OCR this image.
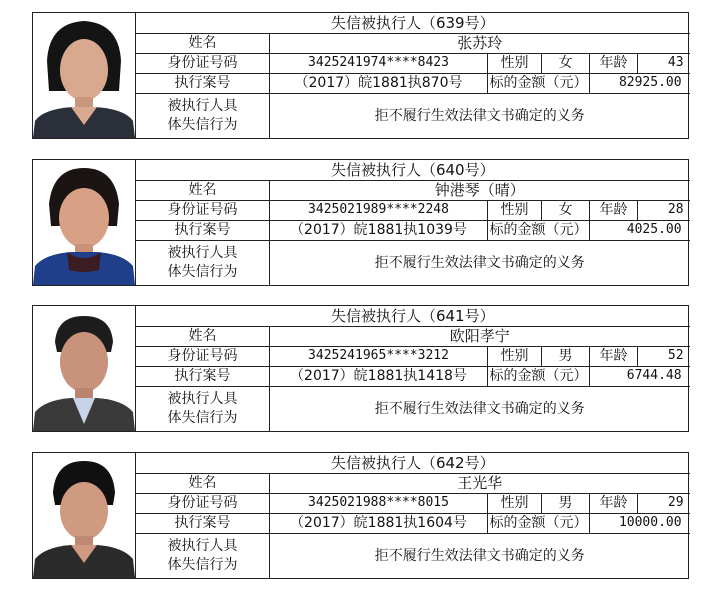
失信被执行人（639号）					
姓名	张苏玲				
身份证号码	3425241974****8423	性别	女	年龄	43
执行案号	（2017）皖1881执870号	标的金额（元）		82925.00	
被执行人具
体失信行为	拒不履行生效法律文书确定的义务				
失信被执行人（640号）					
姓名	钟港琴（晴）				
身份证号码	3425021989****2248	性别	女	年龄	28
执行案号	（2017）皖1881执1039号	标的金额（元）		4025.00	
被执行人具
体失信行为	拒不履行生效法律文书确定的义务				
失信被执行人（641号）					
姓名	欧阳孝宁				
身份证号码	3425241965****3212	性别	男	年龄	52
执行案号	（2017）皖1881执1418号	标的金额（元）		6744.48	
被执行人具
体失信行为	拒不履行生效法律文书确定的义务				
失信被执行人（642号）					
姓名	王光华				
身份证号码	3425021988****8015	性别	男	年龄	29
执行案号	（2017）皖1881执1604号	标的金额（元）		10000.00	
被执行人具
体失信行为	拒不履行生效法律文书确定的义务				
